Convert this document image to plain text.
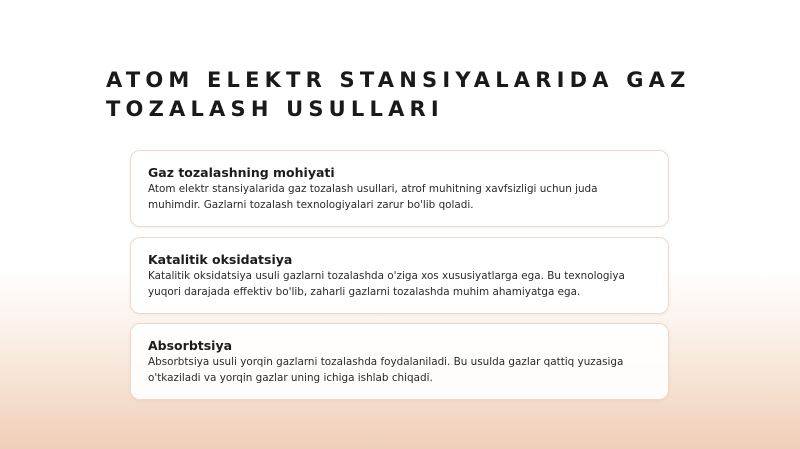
ATOM ELEKTR STANSIYALARIDA GAZ
TOZALASH USULLARI
Gaz tozalashning mohiyati

Atom elektr stansiyalarida gaz tozalash usullari, atrof muhitning xavfsizligi uchun juda
muhimdir. Gazlarni tozalash texnologiyalari zarur bo'lib qoladi.

Katalitik oksidatsiya

Katalitik oksidatsiya usuli gazlarni tozalashda o'ziga xos xususiyatlarga ega. Bu texnologiya
yuqori darajada effektiv bo'lib, zaharli gazlarni tozalashda muhim ahamiyatga ega.

Absorbtsiya

Absorbtsiya usuli yorqin gazlarni tozalashda foydalaniladi. Bu usulda gazlar qattiq yuzasiga
o'tkaziladi va yorqin gazlar uning ichiga ishlab chiqadi.
